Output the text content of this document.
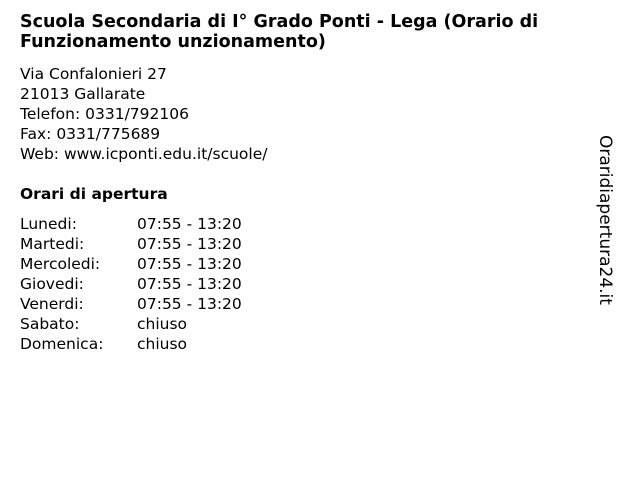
Scuola Secondaria di I° Grado Ponti - Lega (Orario di
Funzionamento unzionamento)
Via Confalonieri 27
21013 Gallarate
Telefon: 0331/792106
Fax: 0331/775689
Web: www.icponti.edu.it/scuole/
Orari di apertura
Lunedi:	07:55 - 13:20
Martedi:	07:55 - 13:20
Mercoledi: 07:55 - 13:20
Giovedi:	07:55 - 13:20
Venerdi:	07:55 - 13:20
Sabato:	chiuso
Domenica: chiuso
Oraridiapertura24.it
